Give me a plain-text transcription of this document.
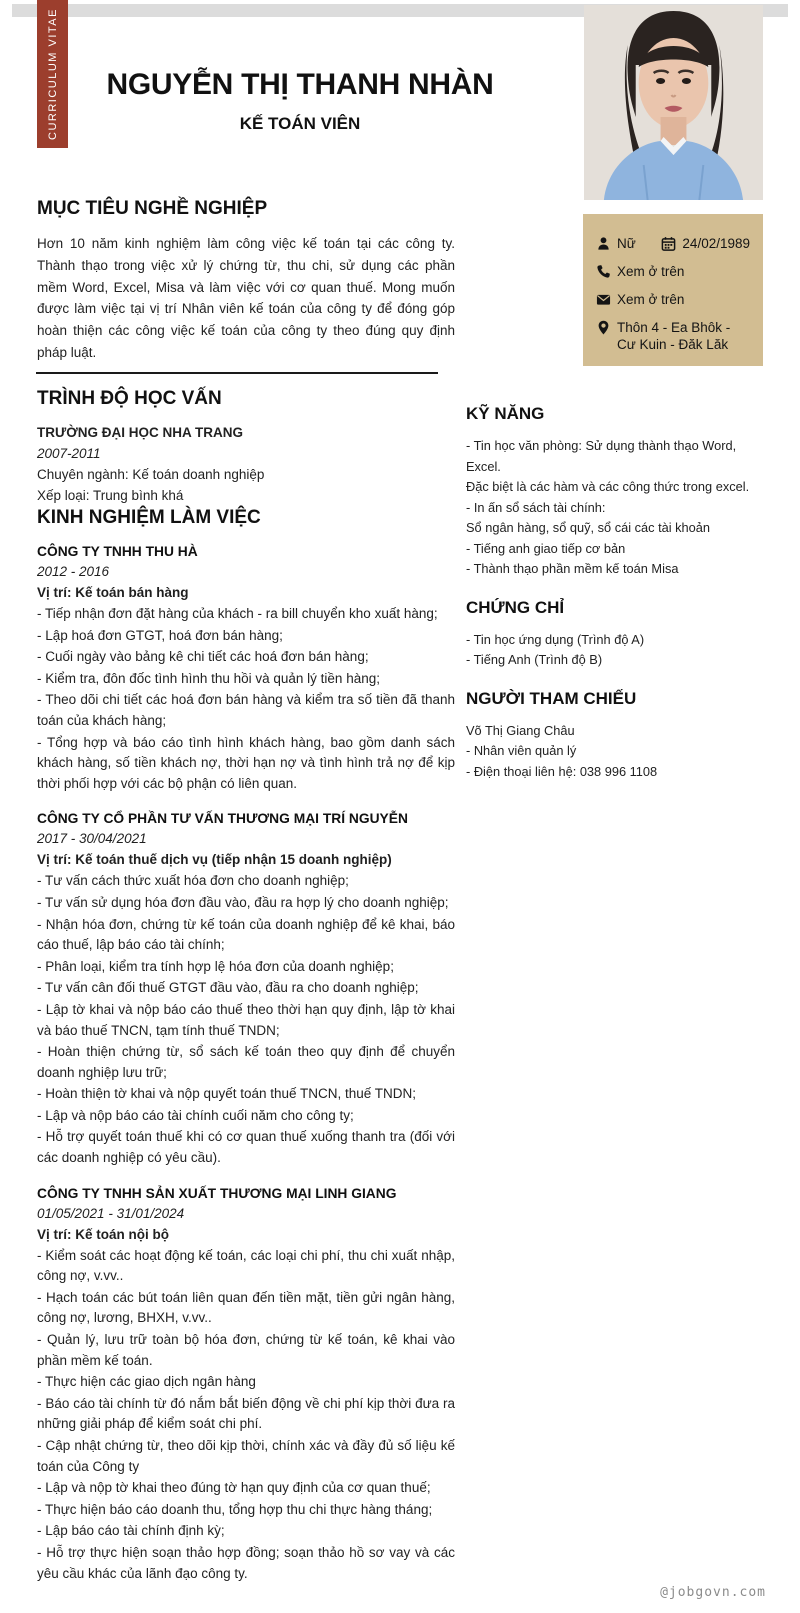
CURRICULUM VITAE	NGUYỄN THỊ THANH NHÀN
KẾ TOÁN VIÊN
MỤC TIÊU NGHỀ NGHIỆP

Hơn 10 năm kinh nghiệm làm công việc kế toán tại các công ty. Thành thạo trong việc xử lý chứng từ, thu chi, sử dụng các phần mềm Word, Excel, Misa và làm việc với cơ quan thuế. Mong muốn được làm việc tại vị trí Nhân viên kế toán của công ty để đóng góp hoàn thiện các công việc kế toán của công ty theo đúng quy định pháp luật.

Nữ	24/02/1989
Xem ở trên
Xem ở trên
Thôn 4 - Ea Bhôk - Cư Kuin - Đăk Lăk
TRÌNH ĐỘ HỌC VẤN

TRƯỜNG ĐẠI HỌC NHA TRANG

2007-2011

Chuyên ngành: Kế toán doanh nghiệp

Xếp loại: Trung bình khá

KINH NGHIỆM LÀM VIỆC

CÔNG TY TNHH THU HÀ

2012 - 2016

Vị trí: Kế toán bán hàng

- Tiếp nhận đơn đặt hàng của khách - ra bill chuyển kho xuất hàng;

- Lập hoá đơn GTGT, hoá đơn bán hàng;

- Cuối ngày vào bảng kê chi tiết các hoá đơn bán hàng;

- Kiểm tra, đôn đốc tình hình thu hồi và quản lý tiền hàng;

- Theo dõi chi tiết các hoá đơn bán hàng và kiểm tra số tiền đã thanh toán của khách hàng;

- Tổng hợp và báo cáo tình hình khách hàng, bao gồm danh sách khách hàng, số tiền khách nợ, thời hạn nợ và tình hình trả nợ để kịp thời phối hợp với các bộ phận có liên quan.

CÔNG TY CỔ PHẦN TƯ VẤN THƯƠNG MẠI TRÍ NGUYỄN

2017 - 30/04/2021

Vị trí: Kế toán thuế dịch vụ (tiếp nhận 15 doanh nghiệp)

- Tư vấn cách thức xuất hóa đơn cho doanh nghiệp;

- Tư vấn sử dụng hóa đơn đầu vào, đầu ra hợp lý cho doanh nghiệp;

- Nhận hóa đơn, chứng từ kế toán của doanh nghiệp để kê khai, báo cáo thuế, lập báo cáo tài chính;

- Phân loại, kiểm tra tính hợp lệ hóa đơn của doanh nghiệp;

- Tư vấn cân đối thuế GTGT đầu vào, đầu ra cho doanh nghiệp;

- Lập tờ khai và nộp báo cáo thuế theo thời hạn quy định, lập tờ khai và báo thuế TNCN, tạm tính thuế TNDN;

- Hoàn thiện chứng từ, sổ sách kế toán theo quy định để chuyển doanh nghiệp lưu trữ;

- Hoàn thiện tờ khai và nộp quyết toán thuế TNCN, thuế TNDN;

- Lập và nộp báo cáo tài chính cuối năm cho công ty;

- Hỗ trợ quyết toán thuế khi có cơ quan thuế xuống thanh tra (đối với các doanh nghiệp có yêu cầu).

CÔNG TY TNHH SẢN XUẤT THƯƠNG MẠI LINH GIANG

01/05/2021 - 31/01/2024

Vị trí: Kế toán nội bộ

- Kiểm soát các hoạt động kế toán, các loại chi phí, thu chi xuất nhập, công nợ, v.vv..

- Hạch toán các bút toán liên quan đến tiền mặt, tiền gửi ngân hàng, công nợ, lương, BHXH, v.vv..

- Quản lý, lưu trữ toàn bộ hóa đơn, chứng từ kế toán, kê khai vào phần mềm kế toán.

- Thực hiện các giao dịch ngân hàng

- Báo cáo tài chính từ đó nắm bắt biến động về chi phí kịp thời đưa ra những giải pháp để kiểm soát chi phí.

- Cập nhật chứng từ, theo dõi kịp thời, chính xác và đầy đủ số liệu kế toán của Công ty

- Lập và nộp tờ khai theo đúng tờ hạn quy định của cơ quan thuế;

- Thực hiện báo cáo doanh thu, tổng hợp thu chi thực hàng tháng;

- Lập báo cáo tài chính định kỳ;

- Hỗ trợ thực hiện soạn thảo hợp đồng; soạn thảo hồ sơ vay và các yêu cầu khác của lãnh đạo công ty.

KỸ NĂNG

- Tin học văn phòng: Sử dụng thành thạo Word, Excel.

Đặc biệt là các hàm và các công thức trong excel.

- In ấn sổ sách tài chính:

Sổ ngân hàng, sổ quỹ, sổ cái các tài khoản

- Tiếng anh giao tiếp cơ bản

- Thành thạo phần mềm kế toán Misa

CHỨNG CHỈ

- Tin học ứng dụng (Trình độ A)

- Tiếng Anh (Trình độ B)

NGƯỜI THAM CHIẾU

Võ Thị Giang Châu

- Nhân viên quản lý

- Điện thoại liên hệ: 038 996 1108

@jobgovn.com
